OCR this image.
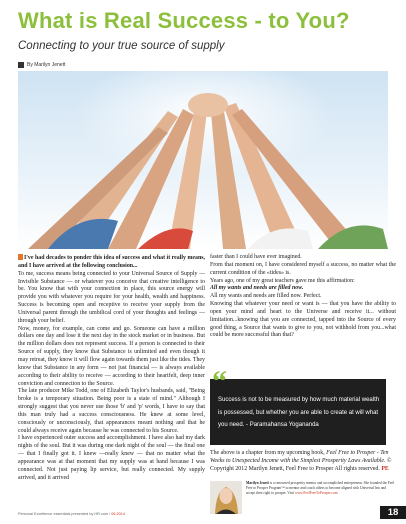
What is Real Success - to You?
Connecting to your true source of supply
By Marilyn Jenett

I've had decades to ponder this idea of success and what it really means, and I have arrived at the following conclusion...

To me, success means being connected to your Universal Source of Supply — Invisible Substance — or whatever you conceive that creative intelligence to be. You know that with your connection in place, this source energy will provide you with whatever you require for your health, wealth and happiness. Success is becoming open and receptive to receive your supply from the Universal parent through the umbilical cord of your thoughts and feelings — through your belief.

Now, money, for example, can come and go. Someone can have a million dollars one day and lose it the next day in the stock market or in business. But the million dollars does not represent success. If a person is connected to their Source of supply, they know that Substance is unlimited and even though it may retreat, they know it will flow again towards them just like the tides. They know that Substance in any form — not just financial — is always available according to their ability to receive — according to their heartfelt, deep inner conviction and connection to the Source.

The late producer Mike Todd, one of Elizabeth Taylor's husbands, said, "Being broke is a temporary situation. Being poor is a state of mind." Although I strongly suggest that you never use those 'b' and 'p' words, I have to say that this man truly had a success consciousness. He knew at some level, consciously or unconsciously, that appearances meant nothing and that he could always receive again because he was connected to his Source.

I have experienced outer success and accomplishment. I have also had my dark nights of the soul. But it was during one dark night of the soul — the final one — that I finally got it. I knew —really knew — that no matter what the appearance was at that moment that my supply was at hand because I was connected. Not just paying lip service, but really connected. My supply arrived, and it arrived

faster than I could have ever imagined.

From that moment on, I have considered myself a success, no matter what the current condition of the «tides» is.

Years ago, one of my great teachers gave me this affirmation:

All my wants and needs are filled now.

All my wants and needs are filled now. Perfect.

Knowing that whatever your need or want is — that you have the ability to open your mind and heart to the Universe and receive it... without limitation...knowing that you are connected, tapped into the Source of every good thing, a Source that wants to give to you, not withhold from you...what could be more successful than that?

“
Success is not to be measured by how much material wealth is possessed, but whether you are able to create at will what you need. - Paramahansa Yogananda
The above is a chapter from my upcoming book, Feel Free to Prosper - Ten Weeks to Unexpected Income with the Simplest Prosperity Laws Available. © Copyright 2012 Marilyn Jenett, Feel Free to Prosper All rights reserved. PE
Marilyn Jenett is a renowned prosperity mentor and accomplished entrepreneur. She founded the Feel Free to Prosper Program™ to mentor and coach others to become aligned with Universal law and accept their right to prosper. Visit www.FeelFreeToProsper.com
Personal Excellence essentials presented by HR.com / 06.2014	18
